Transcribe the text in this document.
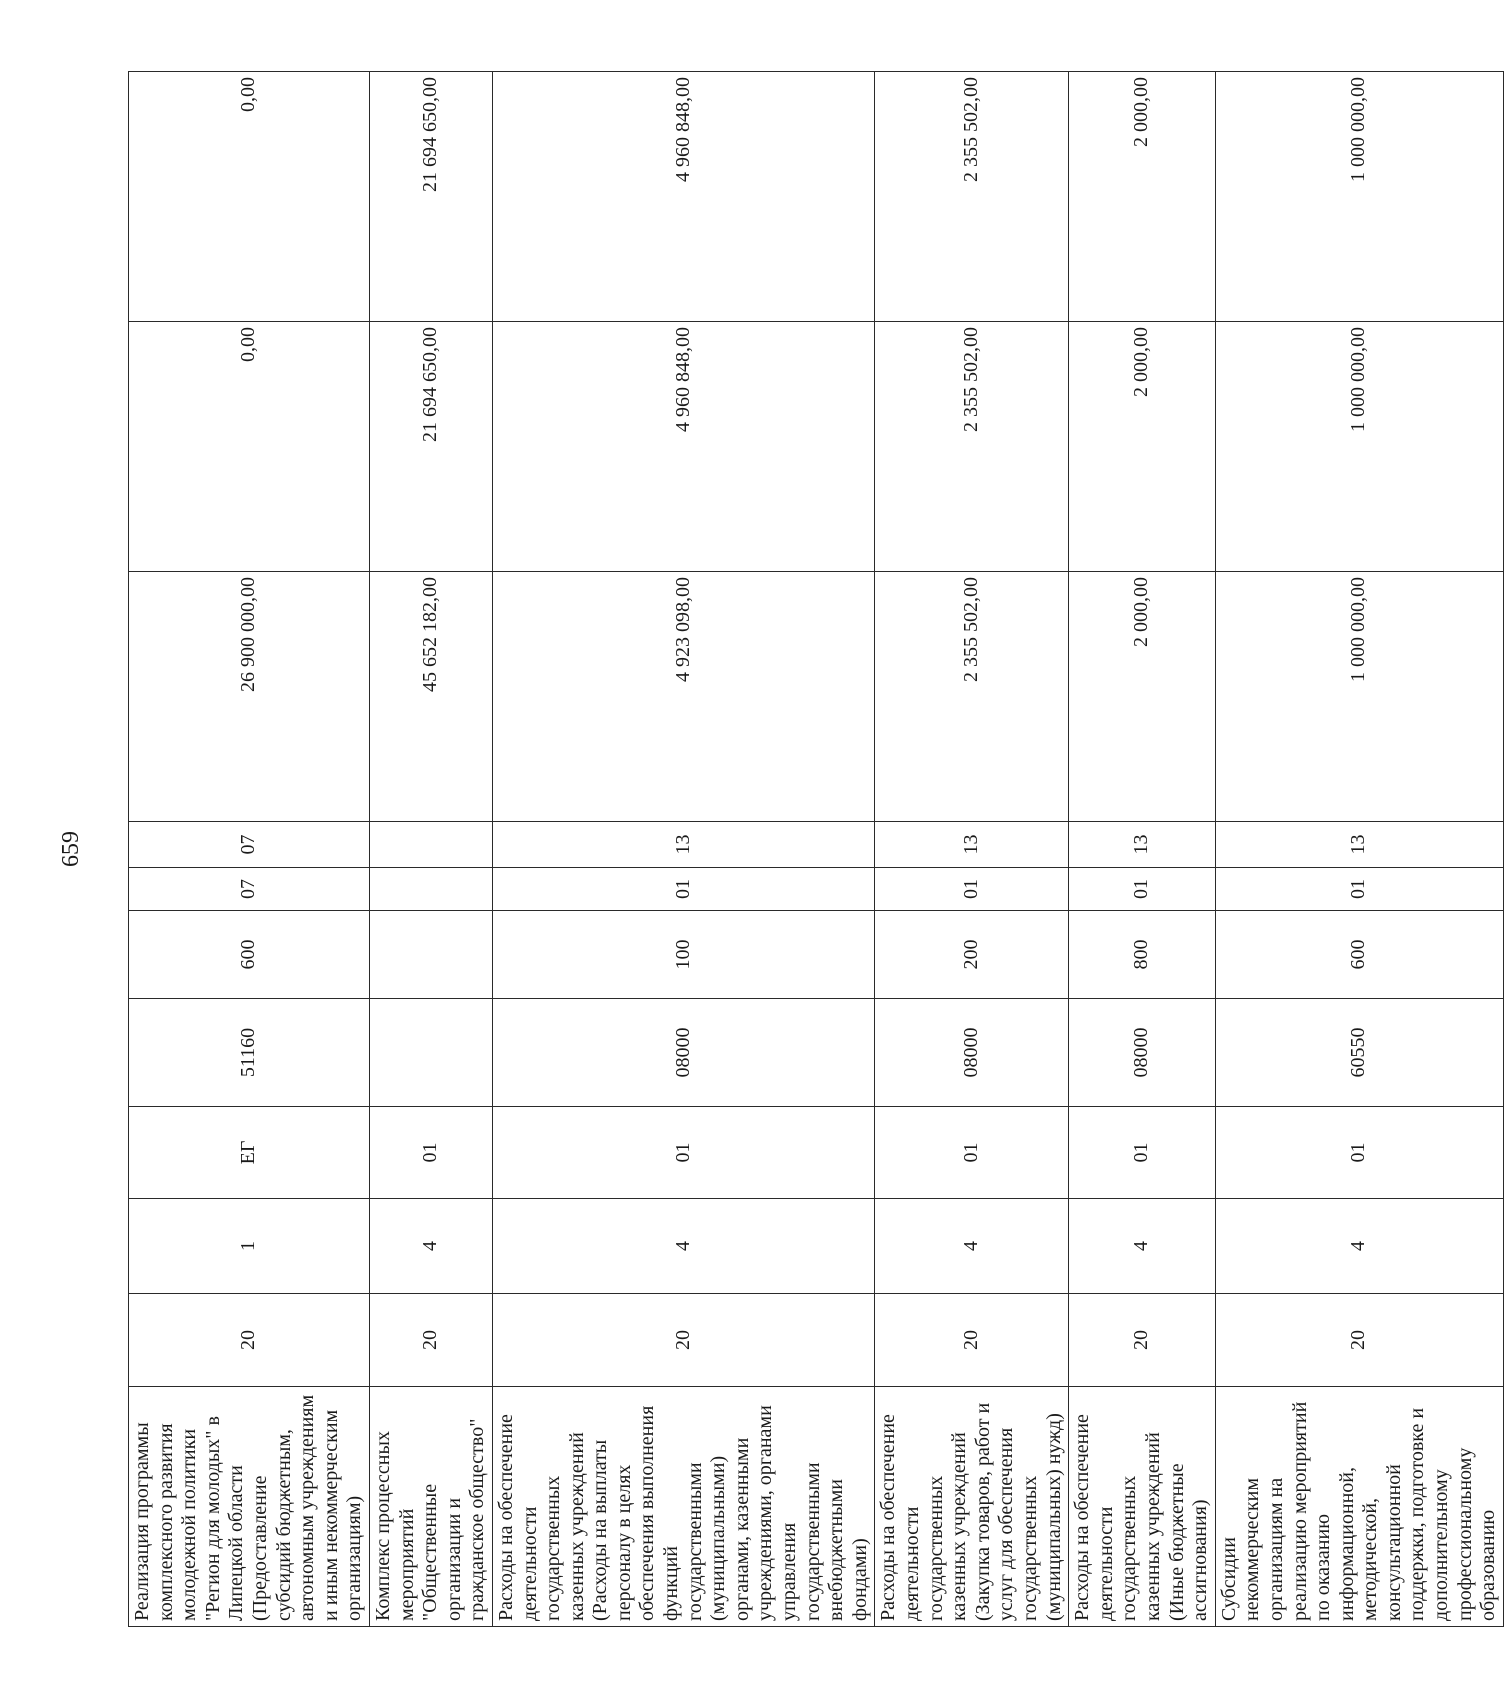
659
Реализация программы комплексного развития молодежной политики "Регион для молодых" в Липецкой области (Предоставление субсидий бюджетным, автономным учреждениям и иным некоммерческим организациям)	20	1	ЕГ	51160	600	07	07	26 900 000,00	0,00	0,00
Комплекс процессных мероприятий "Общественные организации и гражданское общество"	20	4	01					45 652 182,00	21 694 650,00	21 694 650,00
Расходы на обеспечение деятельности государственных казенных учреждений (Расходы на выплаты персоналу в целях обеспечения выполнения функций государственными (муниципальными) органами, казенными учреждениями, органами управления государственными внебюджетными фондами)	20	4	01	08000	100	01	13	4 923 098,00	4 960 848,00	4 960 848,00
Расходы на обеспечение деятельности государственных казенных учреждений (Закупка товаров, работ и услуг для обеспечения государственных (муниципальных) нужд)	20	4	01	08000	200	01	13	2 355 502,00	2 355 502,00	2 355 502,00
Расходы на обеспечение деятельности государственных казенных учреждений (Иные бюджетные ассигнования)	20	4	01	08000	800	01	13	2 000,00	2 000,00	2 000,00
Субсидии некоммерческим организациям на реализацию мероприятий по оказанию информационной, методической, консультационной поддержки, подготовке и дополнительному профессиональному образованию	20	4	01	60550	600	01	13	1 000 000,00	1 000 000,00	1 000 000,00
